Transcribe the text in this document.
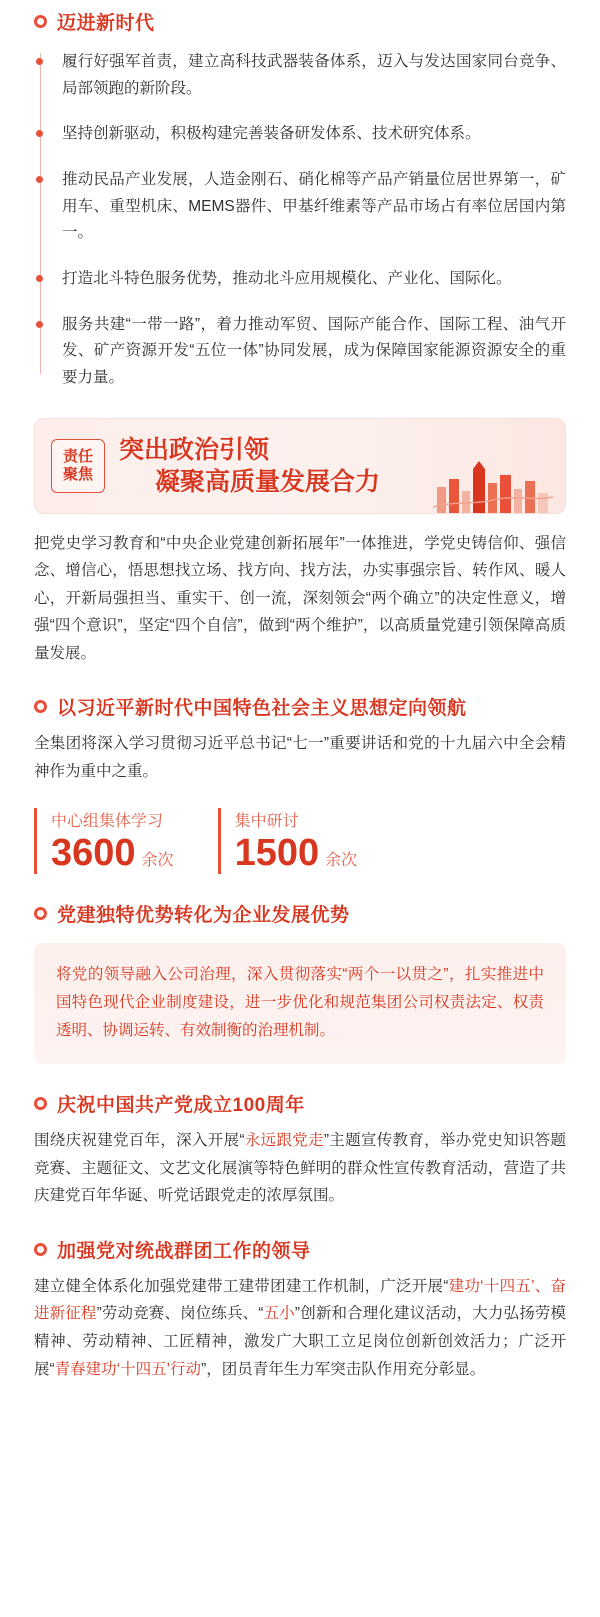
迈进新时代
履行好强军首责，建立高科技武器装备体系，迈入与发达国家同台竞争、局部领跑的新阶段。
坚持创新驱动，积极构建完善装备研发体系、技术研究体系。
推动民品产业发展，人造金刚石、硝化棉等产品产销量位居世界第一，矿用车、重型机床、MEMS器件、甲基纤维素等产品市场占有率位居国内第一。
打造北斗特色服务优势，推动北斗应用规模化、产业化、国际化。
服务共建“一带一路”，着力推动军贸、国际产能合作、国际工程、油气开发、矿产资源开发“五位一体”协同发展，成为保障国家能源资源安全的重要力量。
责任
聚焦
突出政治引领
凝聚高质量发展合力
把党史学习教育和“中央企业党建创新拓展年”一体推进，学党史铸信仰、强信念、增信心，悟思想找立场、找方向、找方法，办实事强宗旨、转作风、暖人心，开新局强担当、重实干、创一流，深刻领会“两个确立”的决定性意义，增强“四个意识”，坚定“四个自信”，做到“两个维护”，以高质量党建引领保障高质量发展。
以习近平新时代中国特色社会主义思想定向领航
全集团将深入学习贯彻习近平总书记“七一”重要讲话和党的十九届六中全会精神作为重中之重。
中心组集体学习
3600 余次
集中研讨
1500 余次
党建独特优势转化为企业发展优势
将党的领导融入公司治理，深入贯彻落实“两个一以贯之”，扎实推进中国特色现代企业制度建设，进一步优化和规范集团公司权责法定、权责透明、协调运转、有效制衡的治理机制。
庆祝中国共产党成立100周年
围绕庆祝建党百年，深入开展“永远跟党走”主题宣传教育，举办党史知识答题竞赛、主题征文、文艺文化展演等特色鲜明的群众性宣传教育活动，营造了共庆建党百年华诞、听党话跟党走的浓厚氛围。
加强党对统战群团工作的领导
建立健全体系化加强党建带工建带团建工作机制，广泛开展“建功‘十四五’、奋进新征程”劳动竞赛、岗位练兵、“五小”创新和合理化建议活动，大力弘扬劳模精神、劳动精神、工匠精神，激发广大职工立足岗位创新创效活力；广泛开展“青春建功‘十四五’行动”，团员青年生力军突击队作用充分彰显。
